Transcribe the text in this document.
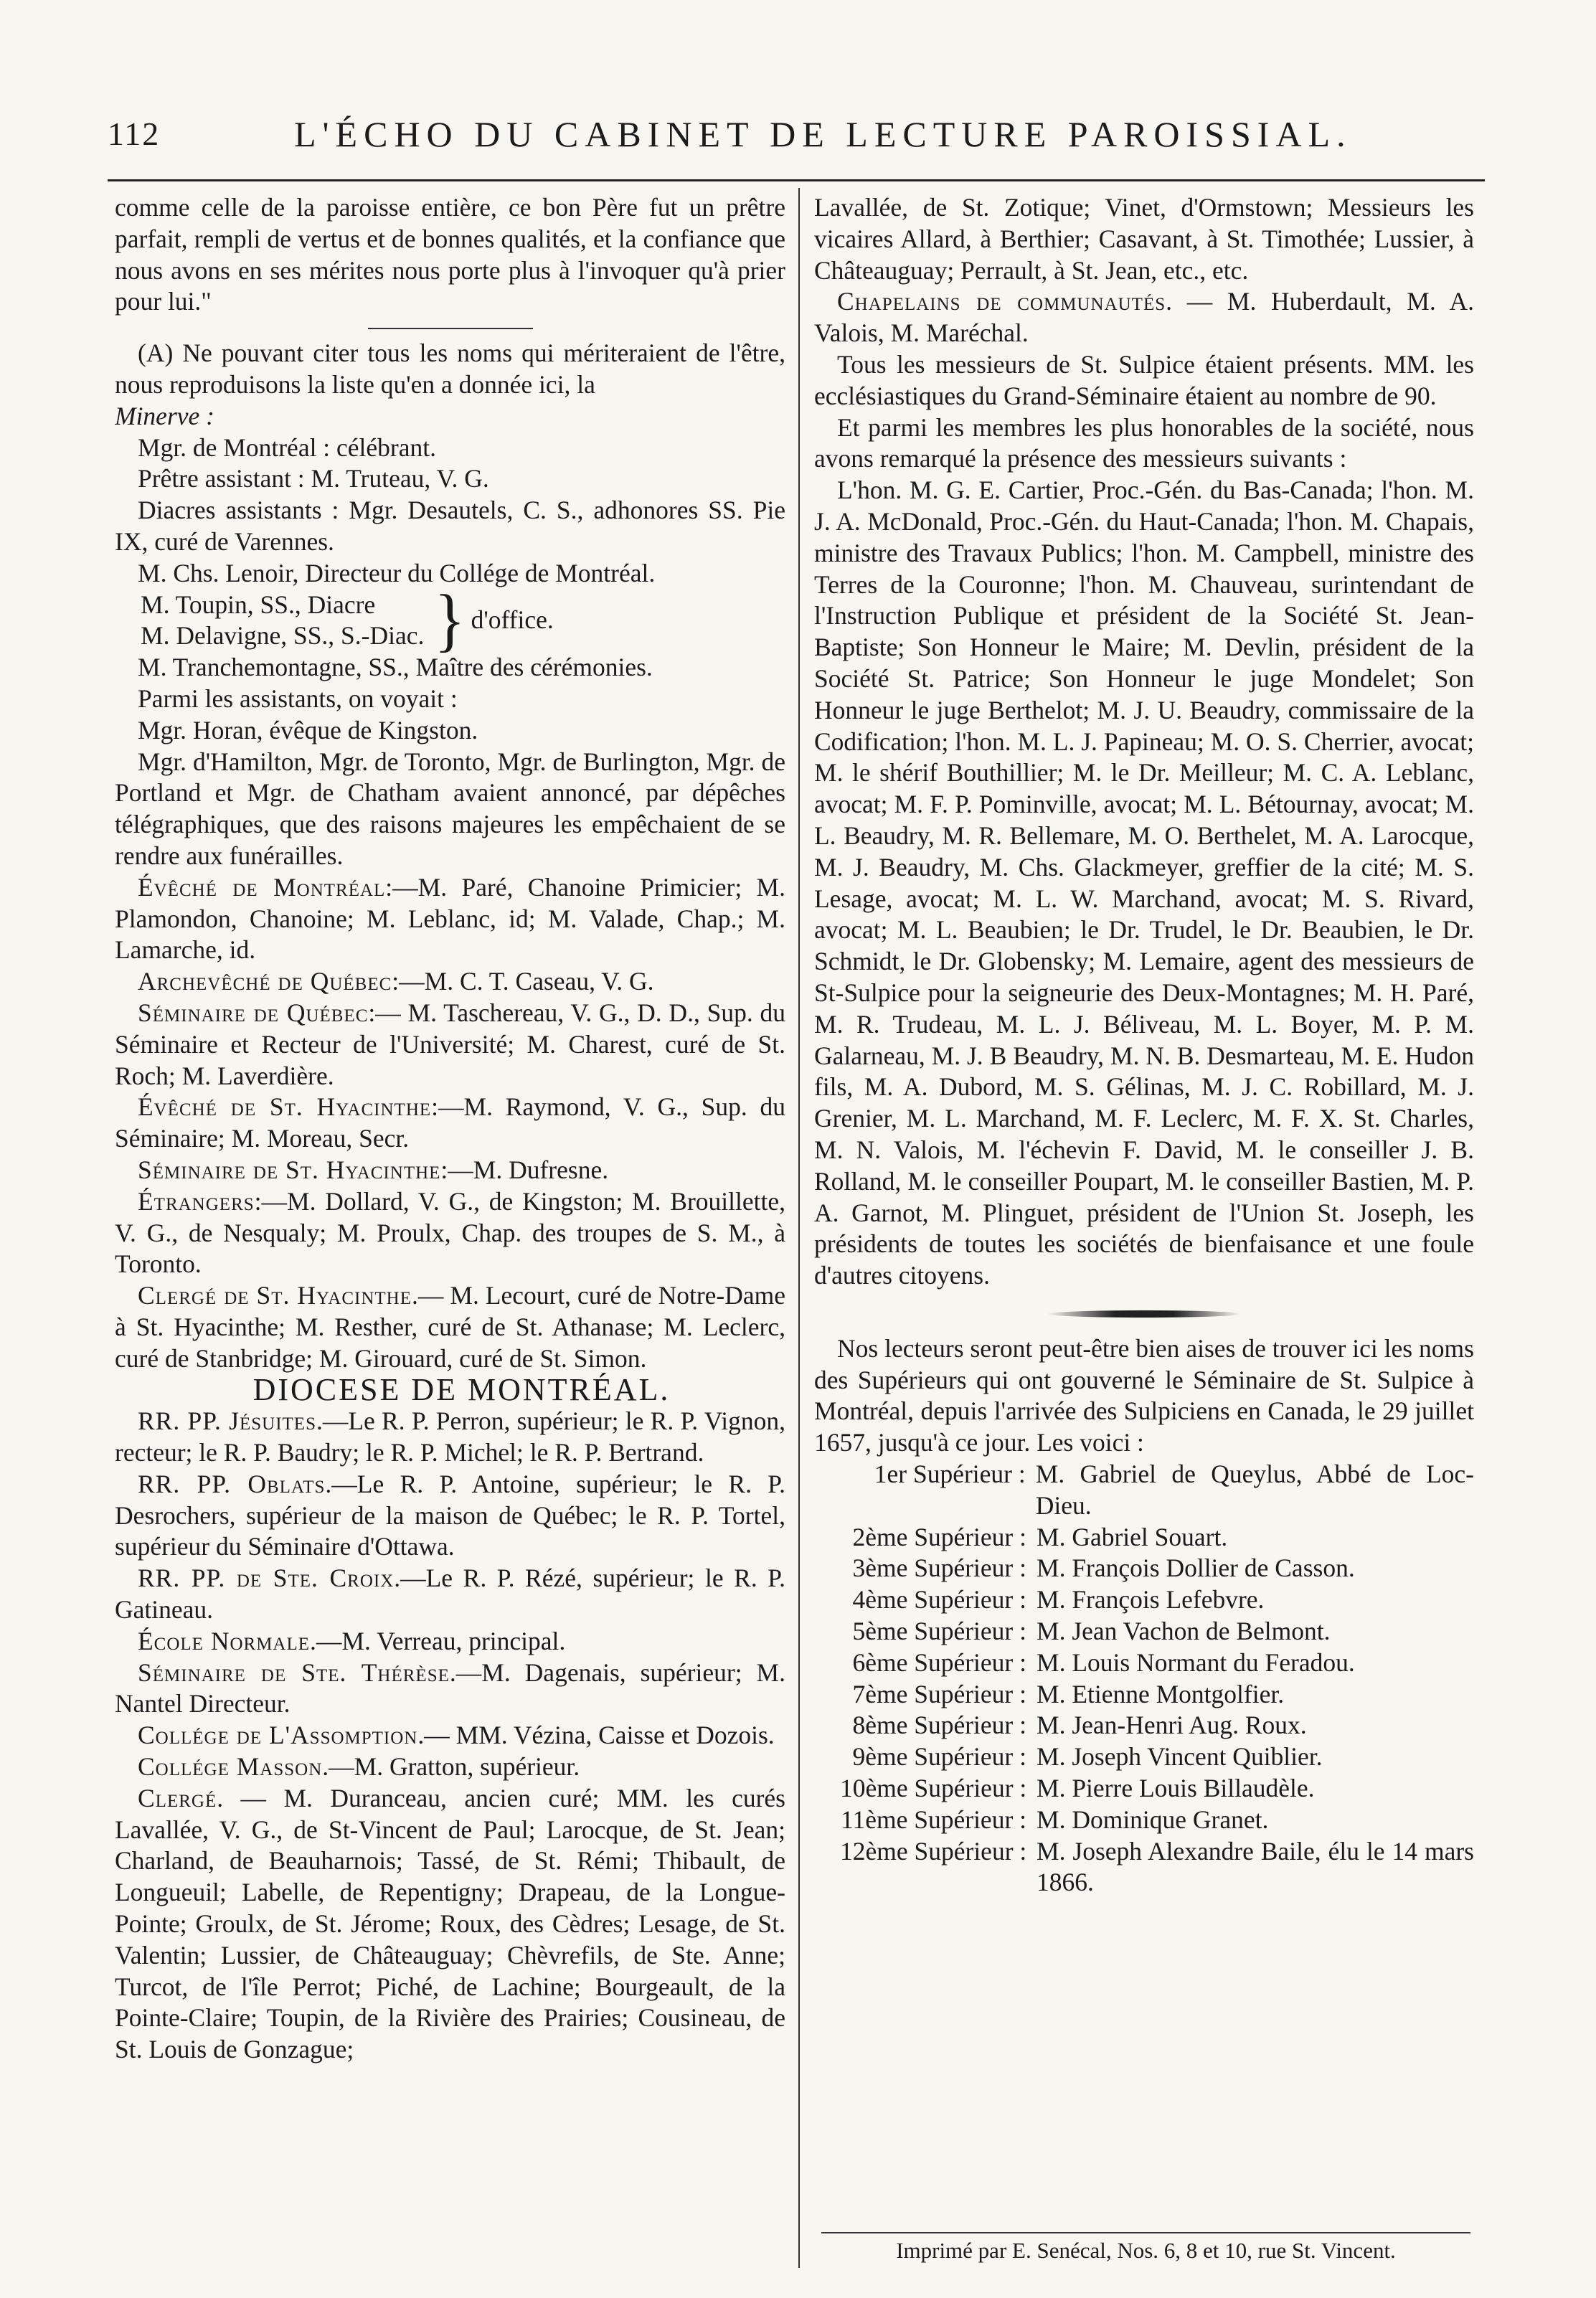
112	L'ÉCHO DU CABINET DE LECTURE PAROISSIAL.

comme celle de la paroisse entière, ce bon Père fut un prêtre parfait, rempli de vertus et de bonnes qualités, et la confiance que nous avons en ses mérites nous porte plus à l'invoquer qu'à prier pour lui."

(A) Ne pouvant citer tous les noms qui mériteraient de l'être, nous reproduisons la liste qu'en a donnée ici, la

Minerve :

Mgr. de Montréal : célébrant.

Prêtre assistant : M. Truteau, V. G.

Diacres assistants : Mgr. Desautels, C. S., adhonores SS. Pie IX, curé de Varennes.

M. Chs. Lenoir, Directeur du Collége de Montréal.

M. Toupin, SS., Diacre
M. Delavigne, SS., S.-Diac. } d'office.

M. Tranchemontagne, SS., Maître des cérémonies.

Parmi les assistants, on voyait :

Mgr. Horan, évêque de Kingston.

Mgr. d'Hamilton, Mgr. de Toronto, Mgr. de Burlington, Mgr. de Portland et Mgr. de Chatham avaient annoncé, par dépêches télégraphiques, que des raisons majeures les empêchaient de se rendre aux funérailles.

Évêché de Montréal:—M. Paré, Chanoine Primicier; M. Plamondon, Chanoine; M. Leblanc, id; M. Valade, Chap.; M. Lamarche, id.

Archevêché de Québec:—M. C. T. Caseau, V. G.

Séminaire de Québec:— M. Taschereau, V. G., D. D., Sup. du Séminaire et Recteur de l'Université; M. Charest, curé de St. Roch; M. Laverdière.

Évêché de St. Hyacinthe:—M. Raymond, V. G., Sup. du Séminaire; M. Moreau, Secr.

Séminaire de St. Hyacinthe:—M. Dufresne.

Étrangers:—M. Dollard, V. G., de Kingston; M. Brouillette, V. G., de Nesqualy; M. Proulx, Chap. des troupes de S. M., à Toronto.

Clergé de St. Hyacinthe.— M. Lecourt, curé de Notre-Dame à St. Hyacinthe; M. Resther, curé de St. Athanase; M. Leclerc, curé de Stanbridge; M. Girouard, curé de St. Simon.

DIOCESE DE MONTRÉAL.

RR. PP. Jésuites.—Le R. P. Perron, supérieur; le R. P. Vignon, recteur; le R. P. Baudry; le R. P. Michel; le R. P. Bertrand.

RR. PP. Oblats.—Le R. P. Antoine, supérieur; le R. P. Desrochers, supérieur de la maison de Québec; le R. P. Tortel, supérieur du Séminaire d'Ottawa.

RR. PP. de Ste. Croix.—Le R. P. Rézé, supérieur; le R. P. Gatineau.

École Normale.—M. Verreau, principal.

Séminaire de Ste. Thérèse.—M. Dagenais, supérieur; M. Nantel Directeur.

Collége de L'Assomption.— MM. Vézina, Caisse et Dozois.

Collége Masson.—M. Gratton, supérieur.

Clergé. — M. Duranceau, ancien curé; MM. les curés Lavallée, V. G., de St-Vincent de Paul; Larocque, de St. Jean; Charland, de Beauharnois; Tassé, de St. Rémi; Thibault, de Longueuil; Labelle, de Repentigny; Drapeau, de la Longue-Pointe; Groulx, de St. Jérome; Roux, des Cèdres; Lesage, de St. Valentin; Lussier, de Châteauguay; Chèvrefils, de Ste. Anne; Turcot, de l'île Perrot; Piché, de Lachine; Bourgeault, de la Pointe-Claire; Toupin, de la Rivière des Prairies; Cousineau, de St. Louis de Gonzague;

Lavallée, de St. Zotique; Vinet, d'Ormstown; Messieurs les vicaires Allard, à Berthier; Casavant, à St. Timothée; Lussier, à Châteauguay; Perrault, à St. Jean, etc., etc.

Chapelains de communautés. — M. Huberdault, M. A. Valois, M. Maréchal.

Tous les messieurs de St. Sulpice étaient présents. MM. les ecclésiastiques du Grand-Séminaire étaient au nombre de 90.

Et parmi les membres les plus honorables de la société, nous avons remarqué la présence des messieurs suivants :

L'hon. M. G. E. Cartier, Proc.-Gén. du Bas-Canada; l'hon. M. J. A. McDonald, Proc.-Gén. du Haut-Canada; l'hon. M. Chapais, ministre des Travaux Publics; l'hon. M. Campbell, ministre des Terres de la Couronne; l'hon. M. Chauveau, surintendant de l'Instruction Publique et président de la Société St. Jean-Baptiste; Son Honneur le Maire; M. Devlin, président de la Société St. Patrice; Son Honneur le juge Mondelet; Son Honneur le juge Berthelot; M. J. U. Beaudry, commissaire de la Codification; l'hon. M. L. J. Papineau; M. O. S. Cherrier, avocat; M. le shérif Bouthillier; M. le Dr. Meilleur; M. C. A. Leblanc, avocat; M. F. P. Pominville, avocat; M. L. Bétournay, avocat; M. L. Beaudry, M. R. Bellemare, M. O. Berthelet, M. A. Larocque, M. J. Beaudry, M. Chs. Glackmeyer, greffier de la cité; M. S. Lesage, avocat; M. L. W. Marchand, avocat; M. S. Rivard, avocat; M. L. Beaubien; le Dr. Trudel, le Dr. Beaubien, le Dr. Schmidt, le Dr. Globensky; M. Lemaire, agent des messieurs de St-Sulpice pour la seigneurie des Deux-Montagnes; M. H. Paré, M. R. Trudeau, M. L. J. Béliveau, M. L. Boyer, M. P. M. Galarneau, M. J. B Beaudry, M. N. B. Desmarteau, M. E. Hudon fils, M. A. Dubord, M. S. Gélinas, M. J. C. Robillard, M. J. Grenier, M. L. Marchand, M. F. Leclerc, M. F. X. St. Charles, M. N. Valois, M. l'échevin F. David, M. le conseiller J. B. Rolland, M. le conseiller Poupart, M. le conseiller Bastien, M. P. A. Garnot, M. Plinguet, président de l'Union St. Joseph, les présidents de toutes les sociétés de bienfaisance et une foule d'autres citoyens.

Nos lecteurs seront peut-être bien aises de trouver ici les noms des Supérieurs qui ont gouverné le Séminaire de St. Sulpice à Montréal, depuis l'arrivée des Sulpiciens en Canada, le 29 juillet 1657, jusqu'à ce jour. Les voici :

1er Supérieur : M. Gabriel de Queylus, Abbé de Loc-Dieu.
2ème Supérieur : M. Gabriel Souart.
3ème Supérieur : M. François Dollier de Casson.
4ème Supérieur : M. François Lefebvre.
5ème Supérieur : M. Jean Vachon de Belmont.
6ème Supérieur : M. Louis Normant du Feradou.
7ème Supérieur : M. Etienne Montgolfier.
8ème Supérieur : M. Jean-Henri Aug. Roux.
9ème Supérieur : M. Joseph Vincent Quiblier.
10ème Supérieur : M. Pierre Louis Billaudèle.
11ème Supérieur : M. Dominique Granet.
12ème Supérieur : M. Joseph Alexandre Baile, élu le 14 mars 1866.
Imprimé par E. Senécal, Nos. 6, 8 et 10, rue St. Vincent.
